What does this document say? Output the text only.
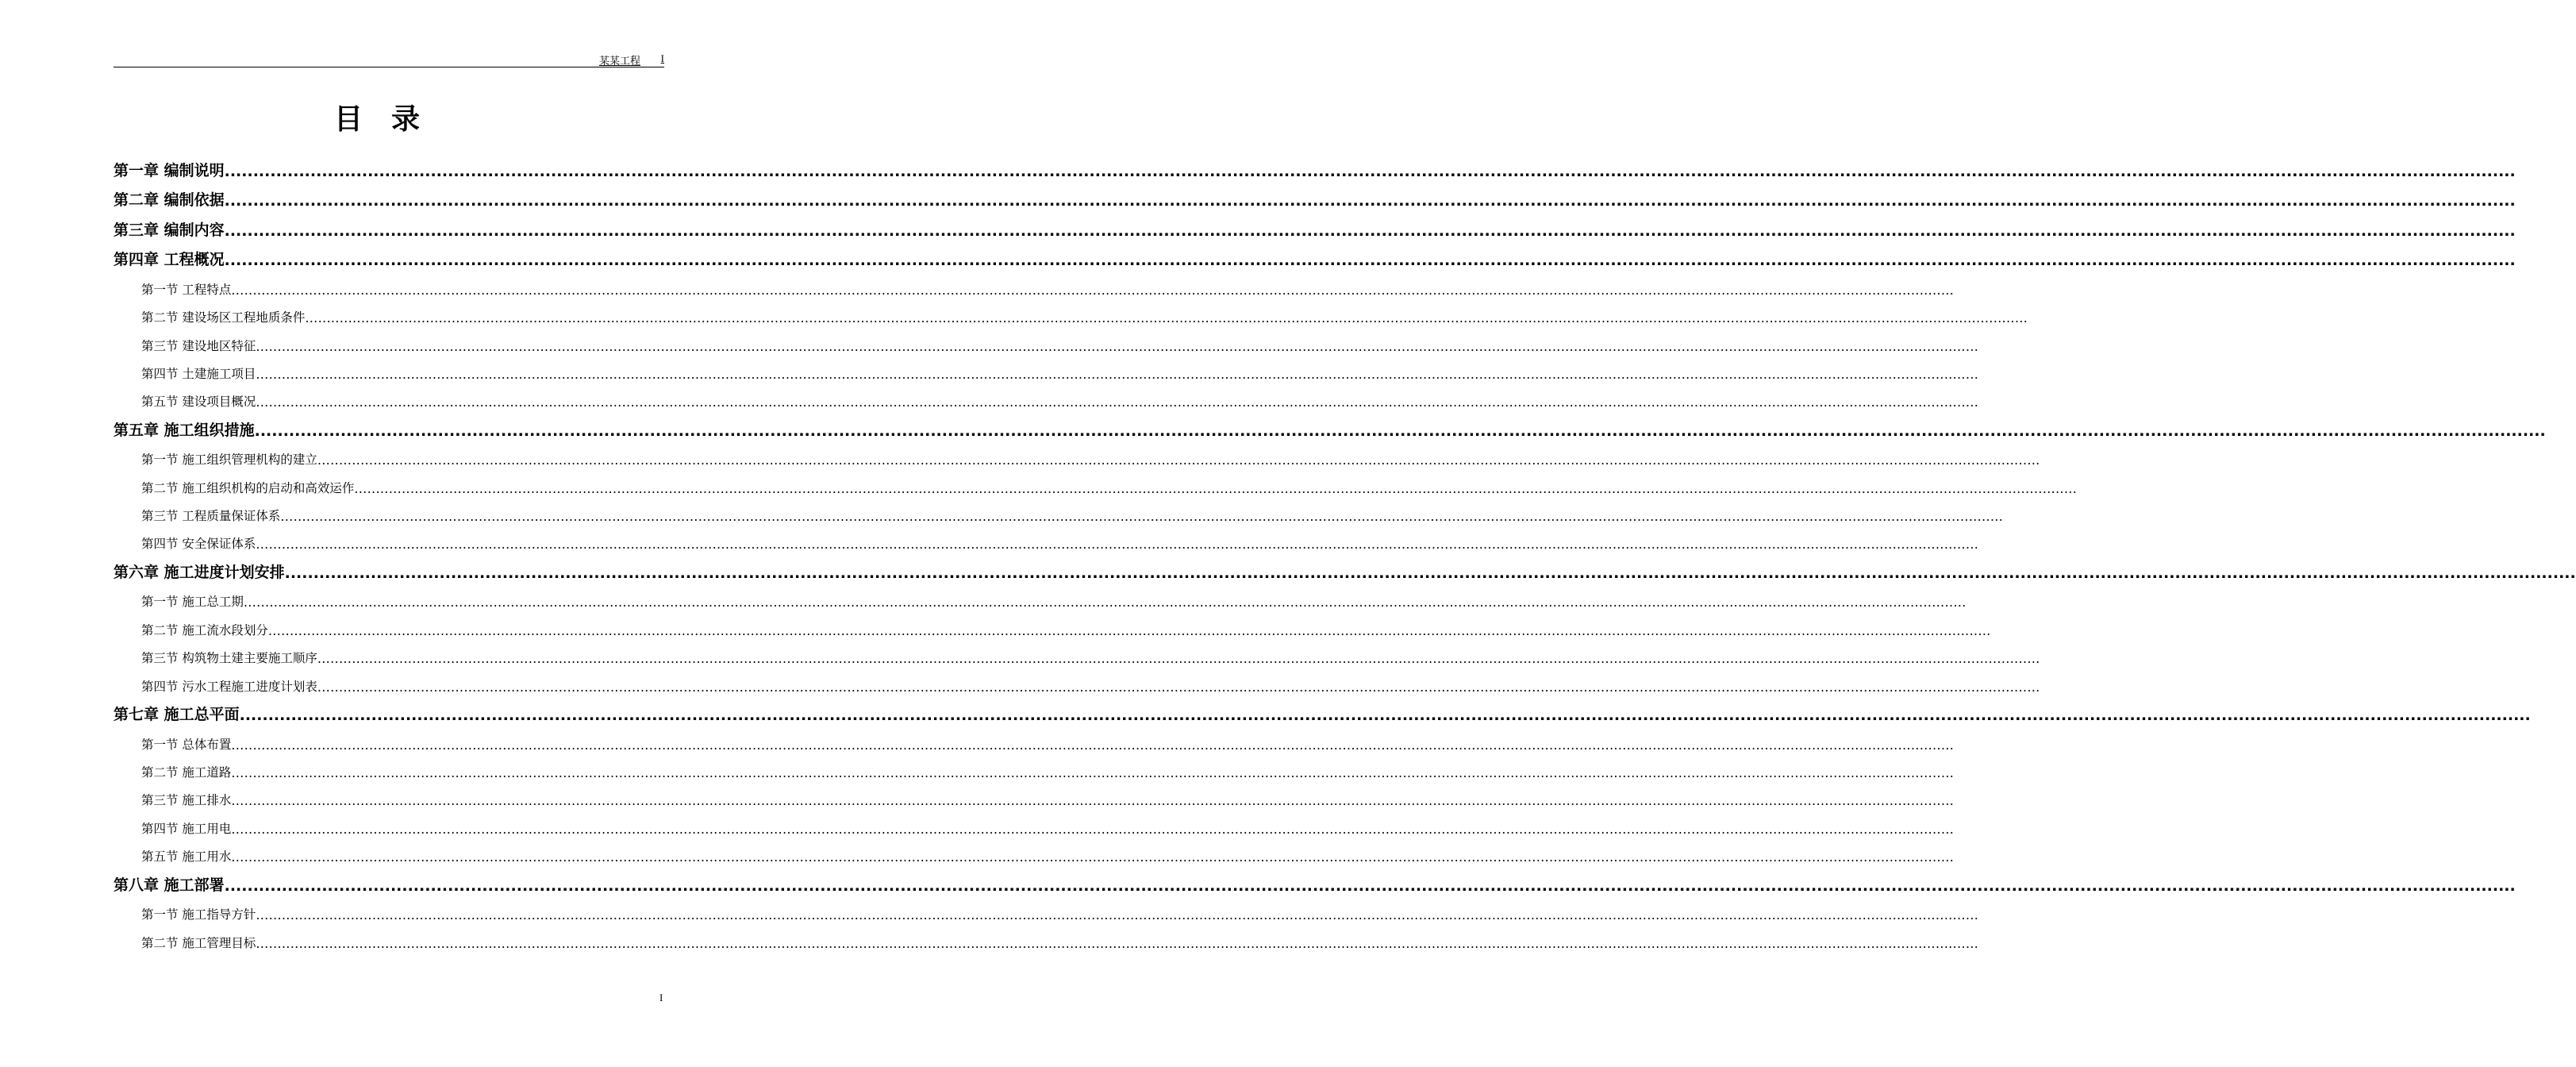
某某工程 I
目录
第一章 编制说明 ................................................................................................................................................................................................................................................................................................................................................................................................................
第二章 编制依据 ................................................................................................................................................................................................................................................................................................................................................................................................................
第三章 编制内容 ................................................................................................................................................................................................................................................................................................................................................................................................................
第四章 工程概况 ................................................................................................................................................................................................................................................................................................................................................................................................................
第一节 工程特点 ................................................................................................................................................................................................................................................................................................................................................................................................................
第二节 建设场区工程地质条件 ................................................................................................................................................................................................................................................................................................................................................................................................................
第三节 建设地区特征 ................................................................................................................................................................................................................................................................................................................................................................................................................
第四节 土建施工项目 ................................................................................................................................................................................................................................................................................................................................................................................................................
第五节 建设项目概况 ................................................................................................................................................................................................................................................................................................................................................................................................................
第五章 施工组织措施 ................................................................................................................................................................................................................................................................................................................................................................................................................
第一节 施工组织管理机构的建立 ................................................................................................................................................................................................................................................................................................................................................................................................................
第二节 施工组织机构的启动和高效运作 ................................................................................................................................................................................................................................................................................................................................................................................................................
第三节 工程质量保证体系 ................................................................................................................................................................................................................................................................................................................................................................................................................
第四节 安全保证体系 ................................................................................................................................................................................................................................................................................................................................................................................................................
第六章 施工进度计划安排 ................................................................................................................................................................................................................................................................................................................................................................................................................
第一节 施工总工期 ................................................................................................................................................................................................................................................................................................................................................................................................................
第二节 施工流水段划分 ................................................................................................................................................................................................................................................................................................................................................................................................................
第三节 构筑物土建主要施工顺序 ................................................................................................................................................................................................................................................................................................................................................................................................................
第四节 污水工程施工进度计划表 ................................................................................................................................................................................................................................................................................................................................................................................................................
第七章 施工总平面 ................................................................................................................................................................................................................................................................................................................................................................................................................
第一节 总体布置 ................................................................................................................................................................................................................................................................................................................................................................................................................
第二节 施工道路 ................................................................................................................................................................................................................................................................................................................................................................................................................
第三节 施工排水 ................................................................................................................................................................................................................................................................................................................................................................................................................
第四节 施工用电 ................................................................................................................................................................................................................................................................................................................................................................................................................
第五节 施工用水 ................................................................................................................................................................................................................................................................................................................................................................................................................
第八章 施工部署 ................................................................................................................................................................................................................................................................................................................................................................................................................
第一节 施工指导方针 ................................................................................................................................................................................................................................................................................................................................................................................................................
第二节 施工管理目标 ................................................................................................................................................................................................................................................................................................................................................................................................................
I
